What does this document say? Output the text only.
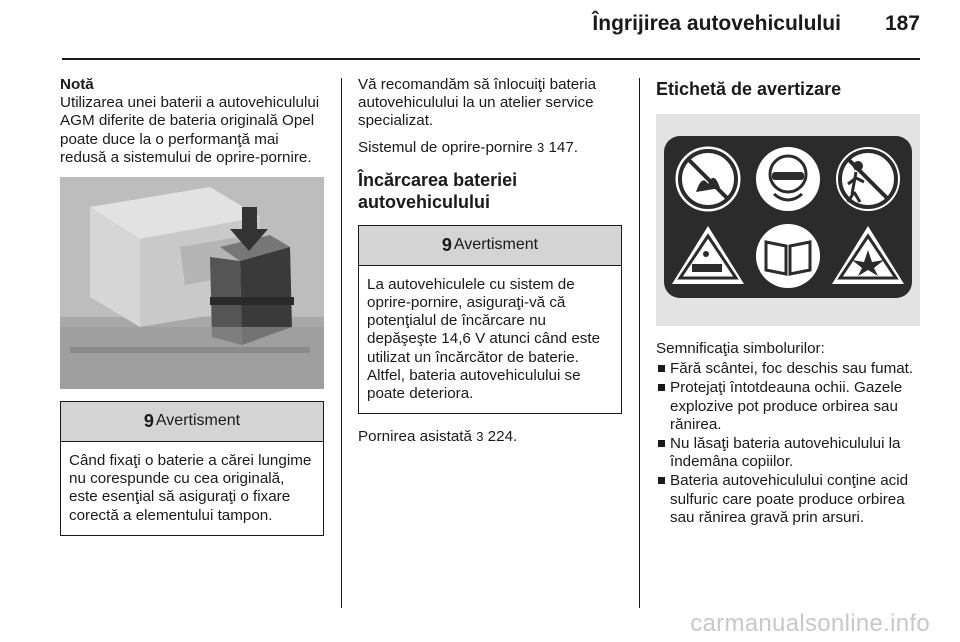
Îngrijirea autovehiculului 187

Notă

Utilizarea unei baterii a autovehiculului AGM diferite de bateria originală Opel poate duce la o performanţă mai redusă a sistemului de oprire-pornire.

9 Avertisment
Când fixaţi o baterie a cărei lungime nu corespunde cu cea originală, este esenţial să asiguraţi o fixare corectă a elementului tampon.

Vă recomandăm să înlocuiţi bateria autovehiculului la un atelier service specializat.

Sistemul de oprire-pornire 3 147.

Încărcarea bateriei autovehiculului
9 Avertisment
La autovehiculele cu sistem de oprire-pornire, asiguraţi-vă că potenţialul de încărcare nu depăşeşte 14,6 V atunci când este utilizat un încărcător de baterie. Altfel, bateria autovehiculului se poate deteriora.

Pornirea asistată 3 224.

Etichetă de avertizare

Semnificaţia simbolurilor:

Fără scântei, foc deschis sau fumat.
Protejaţi întotdeauna ochii. Gazele explozive pot produce orbirea sau rănirea.
Nu lăsaţi bateria autovehiculului la îndemâna copiilor.
Bateria autovehiculului conţine acid sulfuric care poate produce orbirea sau rănirea gravă prin arsuri.
carmanualsonline.info
